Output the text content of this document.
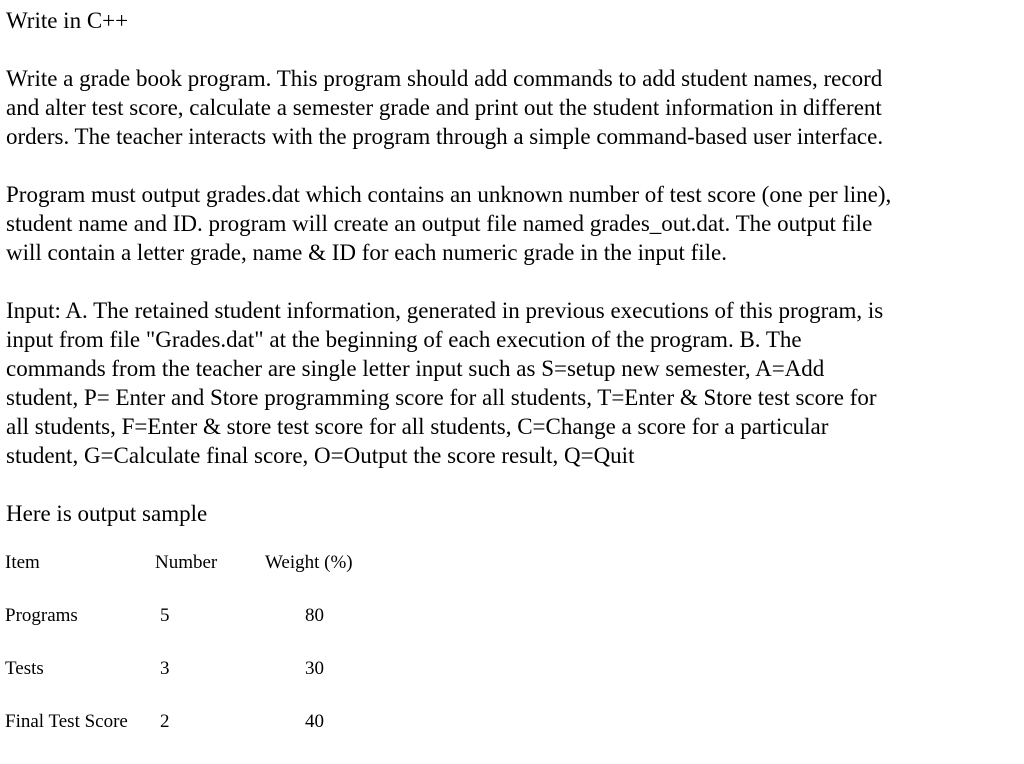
Write in C++
Write a grade book program. This program should add commands to add student names, record
and alter test score, calculate a semester grade and print out the student information in different
orders. The teacher interacts with the program through a simple command-based user interface.
Program must output grades.dat which contains an unknown number of test score (one per line),
student name and ID. program will create an output file named grades_out.dat. The output file
will contain a letter grade, name & ID for each numeric grade in the input file.
Input: A. The retained student information, generated in previous executions of this program, is
input from file "Grades.dat" at the beginning of each execution of the program. B. The
commands from the teacher are single letter input such as S=setup new semester, A=Add
student, P= Enter and Store programming score for all students, T=Enter & Store test score for
all students, F=Enter & store test score for all students, C=Change a score for a particular
student, G=Calculate final score, O=Output the score result, Q=Quit
Here is output sample
Item	Number	Weight (%)
Programs	5	80
Tests	3	30
Final Test Score 2	40
